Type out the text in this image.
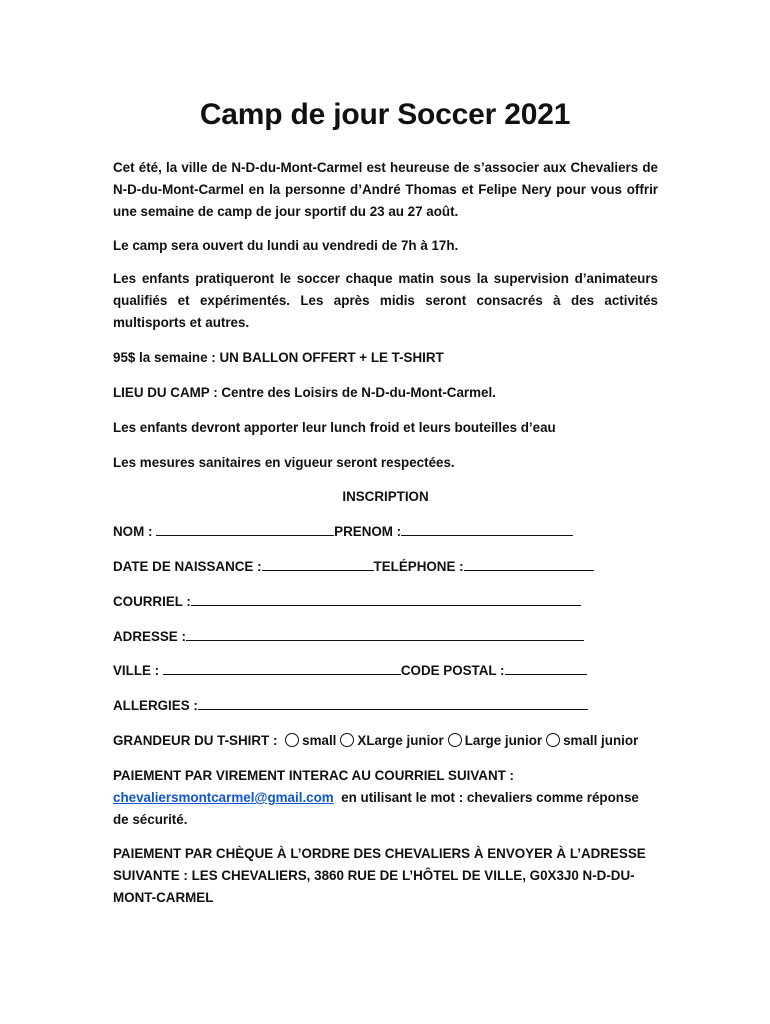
Camp de jour Soccer 2021

Cet été, la ville de N-D-du-Mont-Carmel est heureuse de s’associer aux Chevaliers de N-D-du-Mont-Carmel en la personne d’André Thomas et Felipe Nery pour vous offrir une semaine de camp de jour sportif du 23 au 27 août.

Le camp sera ouvert du lundi au vendredi de 7h à 17h.

Les enfants pratiqueront le soccer chaque matin sous la supervision d’animateurs qualifiés et expérimentés. Les après midis seront consacrés à des activités multisports et autres.

95$ la semaine : UN BALLON OFFERT + LE T-SHIRT

LIEU DU CAMP : Centre des Loisirs de N-D-du-Mont-Carmel.

Les enfants devront apporter leur lunch froid et leurs bouteilles d’eau

Les mesures sanitaires en vigueur seront respectées.

INSCRIPTION

NOM :	PRENOM :
DATE DE NAISSANCE :	TELÉPHONE :
COURRIEL :
ADRESSE :
VILLE :	CODE POSTAL :
ALLERGIES :
GRANDEUR DU T-SHIRT : small XLarge junior Large junior small junior
PAIEMENT PAR VIREMENT INTERAC AU COURRIEL SUIVANT :
chevaliersmontcarmel@gmail.com en utilisant le mot : chevaliers comme réponse de sécurité.

PAIEMENT PAR CHÈQUE À L’ORDRE DES CHEVALIERS À ENVOYER À L’ADRESSE SUIVANTE : LES CHEVALIERS, 3860 RUE DE L’HÔTEL DE VILLE, G0X3J0 N-D-DU-MONT-CARMEL
